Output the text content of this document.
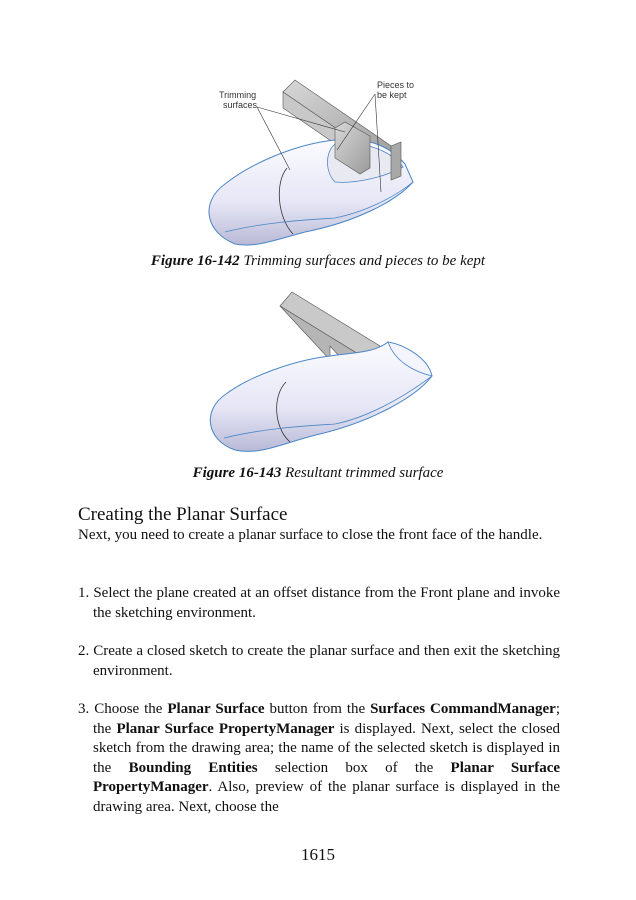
Trimming
surfaces
Pieces to
be kept
Figure 16-142 Trimming surfaces and pieces to be kept
Figure 16-143 Resultant trimmed surface
Creating the Planar Surface

Next, you need to create a planar surface to close the front face of the handle.

1. Select the plane created at an offset distance from the Front plane and invoke the sketching environment.
2. Create a closed sketch to create the planar surface and then exit the sketching environment.
3. Choose the Planar Surface button from the Surfaces CommandManager; the Planar Surface PropertyManager is displayed. Next, select the closed sketch from the drawing area; the name of the selected sketch is displayed in the Bounding Entities selection box of the Planar Surface PropertyManager. Also, preview of the planar surface is displayed in the drawing area. Next, choose the
1615
